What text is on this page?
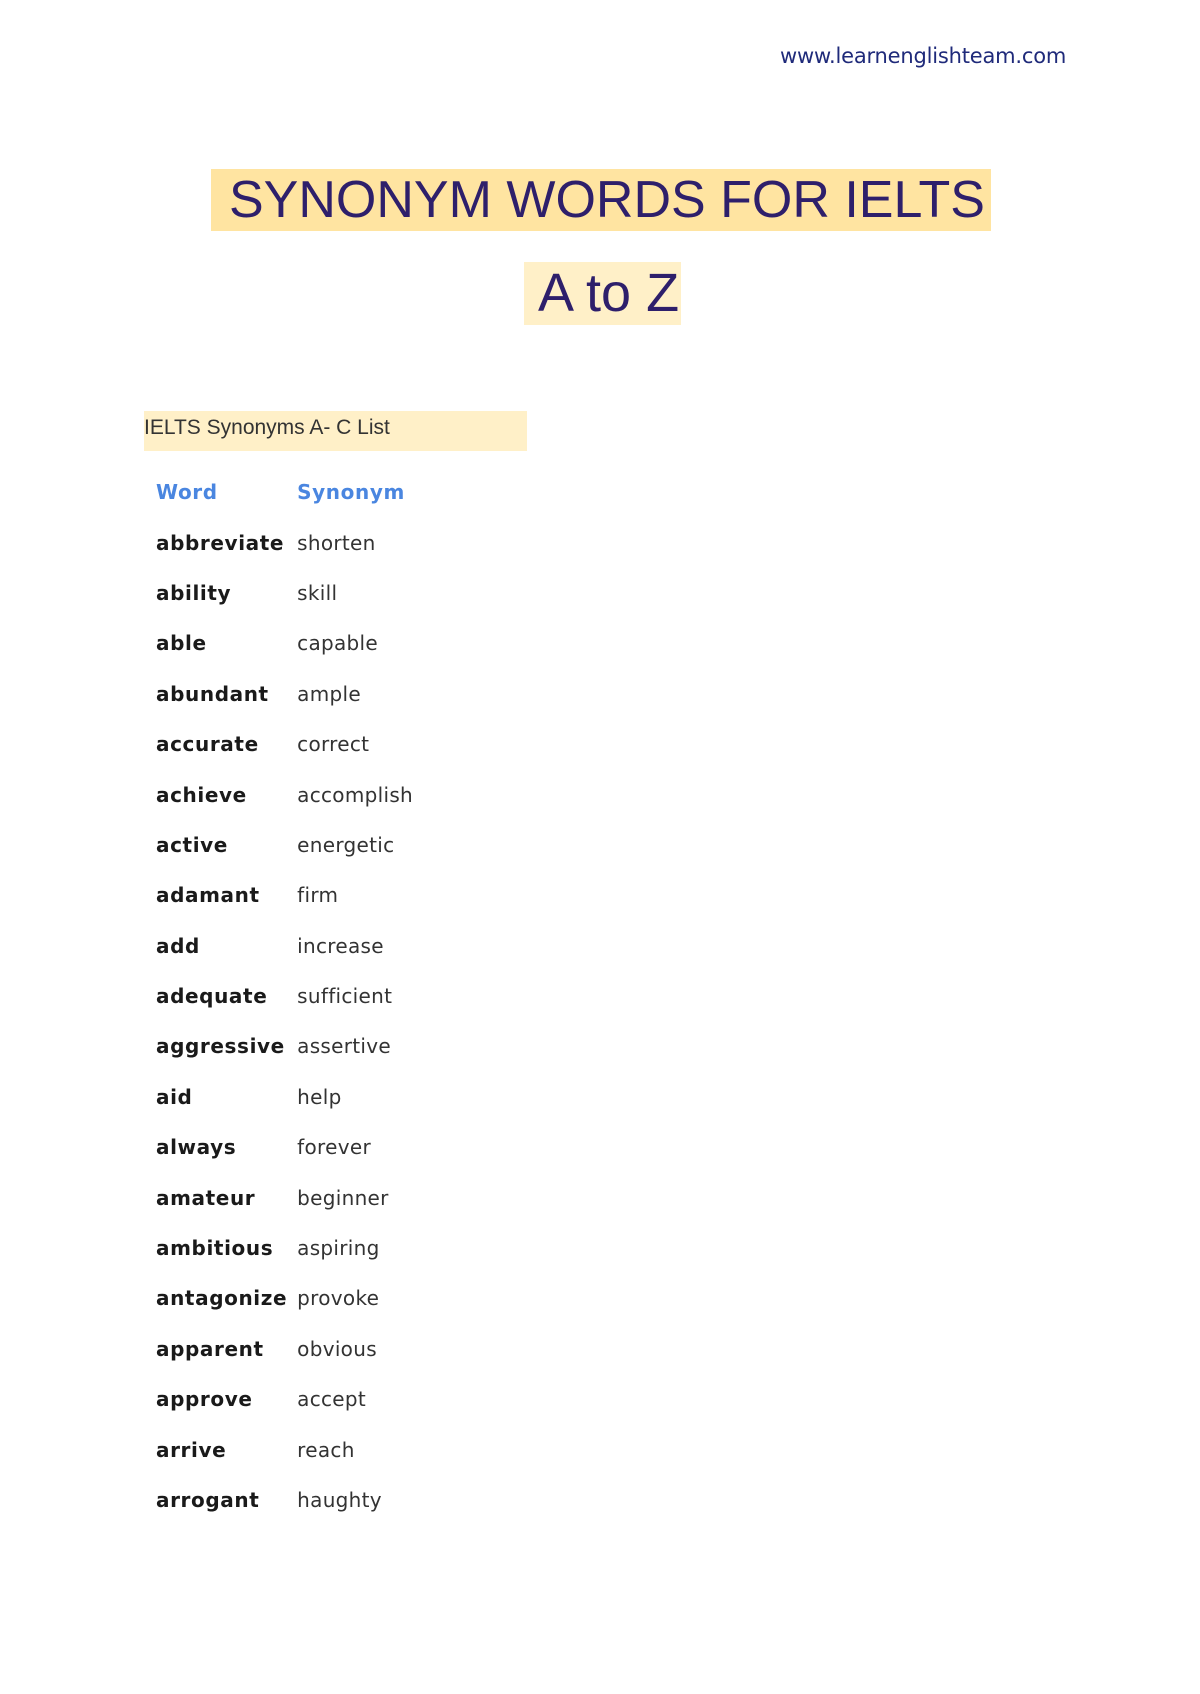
www.learnenglishteam.com
SYNONYM WORDS FOR IELTS
A to Z
IELTS Synonyms A- C List
Word	Synonym
abbreviate	shorten
ability	skill
able	capable
abundant	ample
accurate	correct
achieve	accomplish
active	energetic
adamant	firm
add	increase
adequate	sufficient
aggressive	assertive
aid	help
always	forever
amateur	beginner
ambitious	aspiring
antagonize	provoke
apparent	obvious
approve	accept
arrive	reach
arrogant	haughty
